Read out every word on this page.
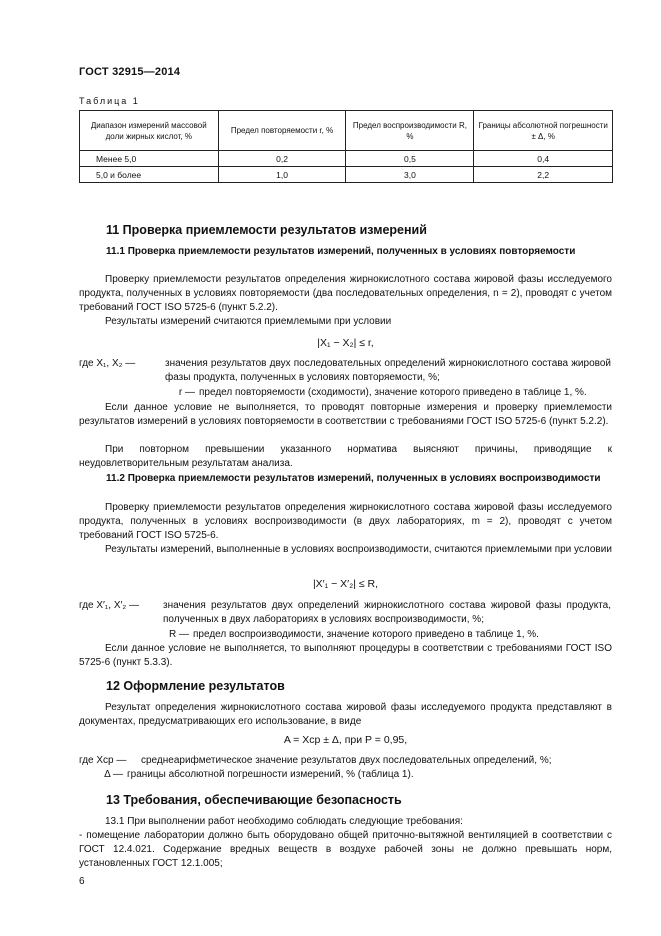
ГОСТ 32915—2014
Таблица 1
Диапазон измерений массовой доли жирных кислот, %	Предел повторяемости r, %	Предел воспроизводимости R, %	Границы абсолютной погрешности ± Δ, %
Менее 5,0	0,2	0,5	0,4
5,0 и более	1,0	3,0	2,2
11 Проверка приемлемости результатов измерений
11.1 Проверка приемлемости результатов измерений, полученных в условиях повторяемости
Проверку приемлемости результатов определения жирнокислотного состава жировой фазы исследуемого продукта, полученных в условиях повторяемости (два последовательных определения, n = 2), проводят с учетом требований ГОСТ ISO 5725-6 (пункт 5.2.2).
Результаты измерений считаются приемлемыми при условии
|X₁ − X₂| ≤ r,
где X₁, X₂ —	значения результатов двух последовательных определений жирнокислотного состава жировой фазы продукта, полученных в условиях повторяемости, %;
r — предел повторяемости (сходимости), значение которого приведено в таблице 1, %.
Если данное условие не выполняется, то проводят повторные измерения и проверку приемлемости результатов измерений в условиях повторяемости в соответствии с требованиями ГОСТ ISO 5725-6 (пункт 5.2.2).
При повторном превышении указанного норматива выясняют причины, приводящие к неудовлетворительным результатам анализа.
11.2 Проверка приемлемости результатов измерений, полученных в условиях воспроизводимости
Проверку приемлемости результатов определения жирнокислотного состава жировой фазы исследуемого продукта, полученных в условиях воспроизводимости (в двух лабораториях, m = 2), проводят с учетом требований ГОСТ ISO 5725-6.
Результаты измерений, выполненные в условиях воспроизводимости, считаются приемлемыми при условии
|X′₁ − X′₂| ≤ R,
где X′₁, X′₂ —	значения результатов двух определений жирнокислотного состава жировой фазы продукта, полученных в двух лабораториях в условиях воспроизводимости, %;
R — предел воспроизводимости, значение которого приведено в таблице 1, %.
Если данное условие не выполняется, то выполняют процедуры в соответствии с требованиями ГОСТ ISO 5725-6 (пункт 5.3.3).
12 Оформление результатов
Результат определения жирнокислотного состава жировой фазы исследуемого продукта представляют в документах, предусматривающих его использование, в виде
A = Xср ± Δ, при P = 0,95,
где Xср —	среднеарифметическое значение результатов двух последовательных определений, %;
Δ — границы абсолютной погрешности измерений, % (таблица 1).
13 Требования, обеспечивающие безопасность
13.1 При выполнении работ необходимо соблюдать следующие требования:
- помещение лаборатории должно быть оборудовано общей приточно-вытяжной вентиляцией в соответствии с ГОСТ 12.4.021. Содержание вредных веществ в воздухе рабочей зоны не должно превышать норм, установленных ГОСТ 12.1.005;
6
